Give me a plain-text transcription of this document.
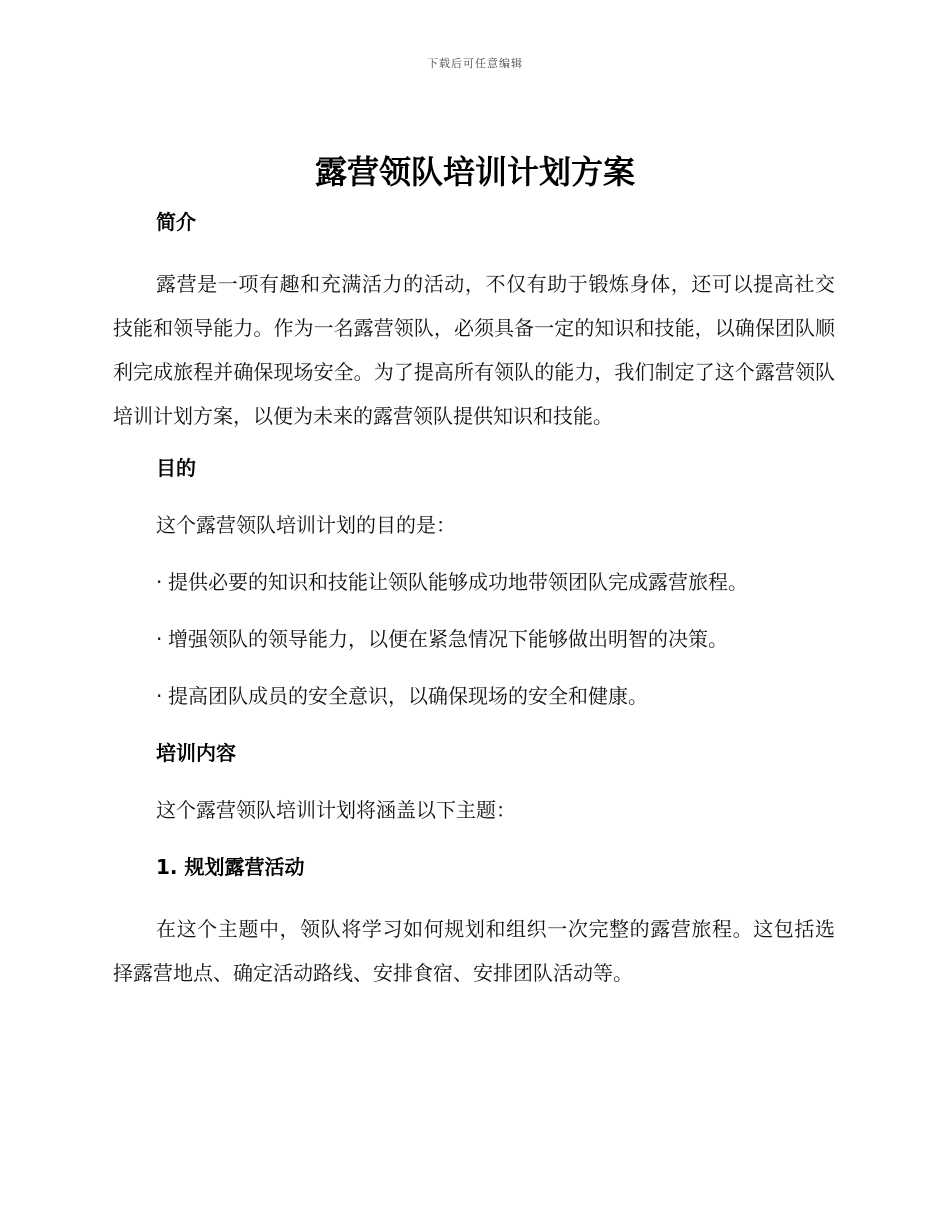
下载后可任意编辑
露营领队培训计划方案
简介

露营是一项有趣和充满活力的活动，不仅有助于锻炼身体，还可以提高社交技能和领导能力。作为一名露营领队，必须具备一定的知识和技能，以确保团队顺利完成旅程并确保现场安全。为了提高所有领队的能力，我们制定了这个露营领队培训计划方案，以便为未来的露营领队提供知识和技能。

目的
这个露营领队培训计划的目的是：
· 提供必要的知识和技能让领队能够成功地带领团队完成露营旅程。
· 增强领队的领导能力，以便在紧急情况下能够做出明智的决策。
· 提高团队成员的安全意识，以确保现场的安全和健康。
培训内容
这个露营领队培训计划将涵盖以下主题：
1. 规划露营活动

在这个主题中，领队将学习如何规划和组织一次完整的露营旅程。这包括选择露营地点、确定活动路线、安排食宿、安排团队活动等。
